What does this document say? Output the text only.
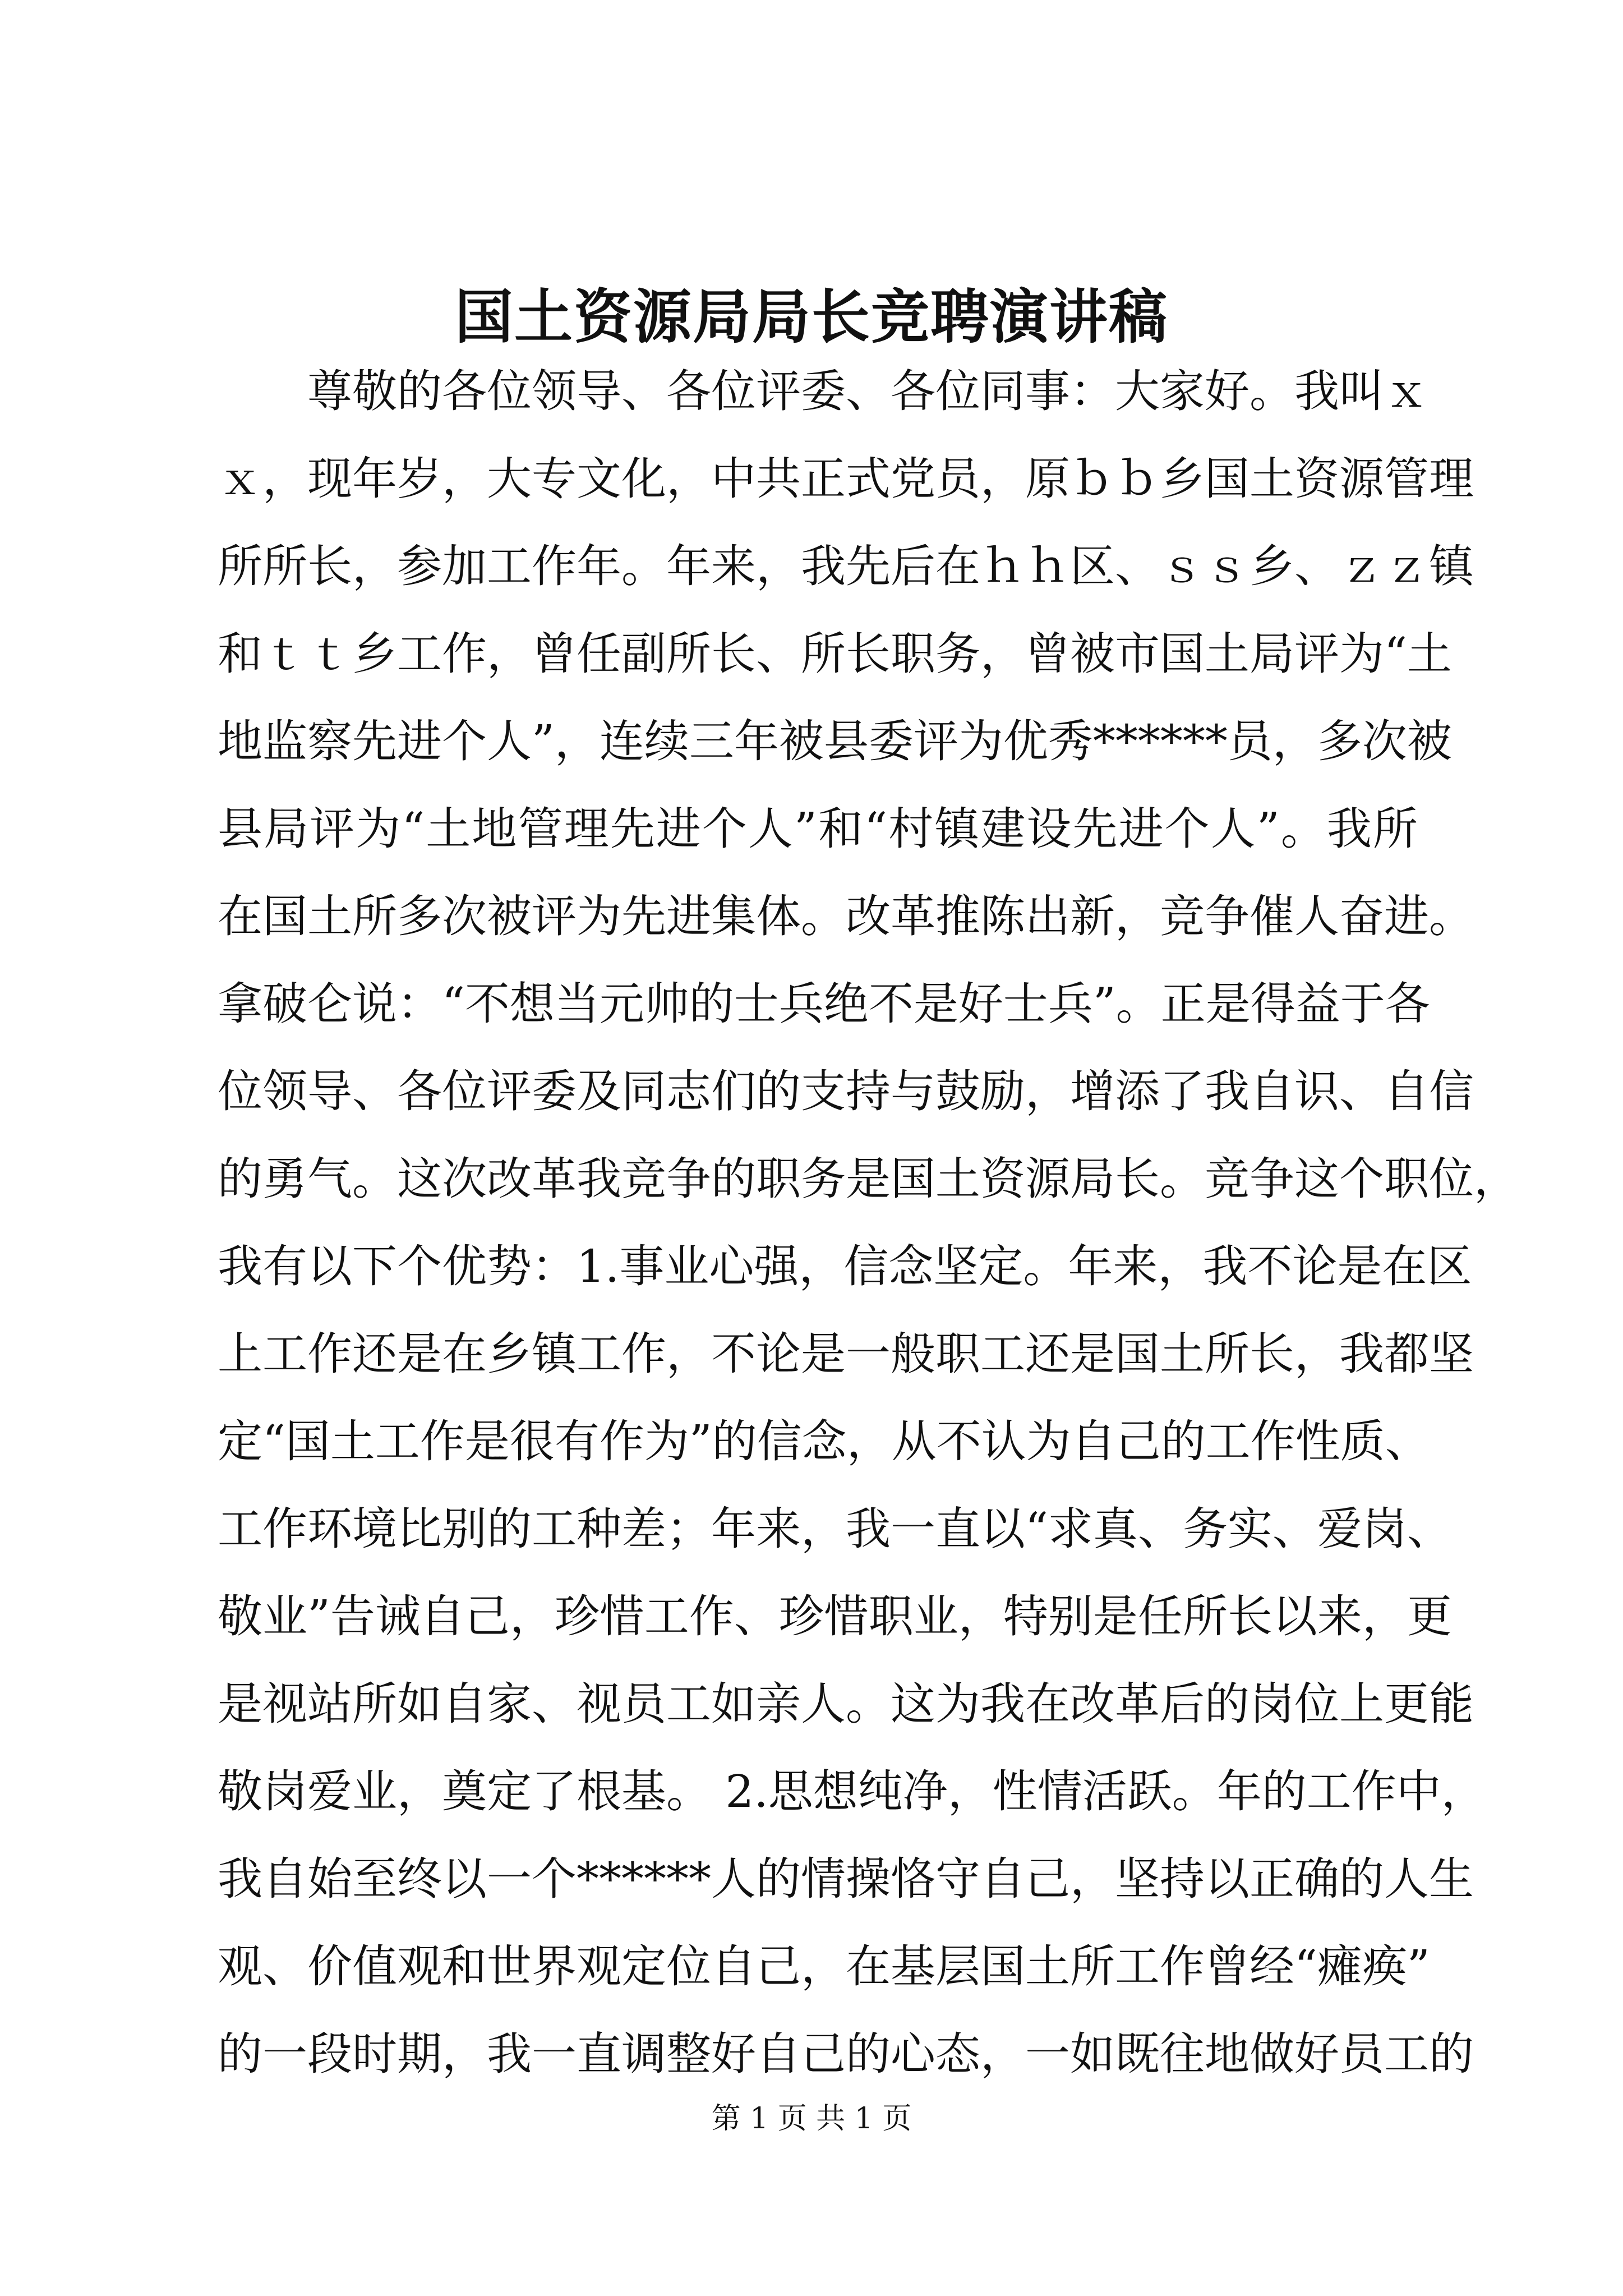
国土资源局局长竞聘演讲稿
尊敬的各位领导、各位评委、各位同事：大家好。我叫ｘ
ｘ，现年岁，大专文化，中共正式党员，原ｂｂ乡国土资源管理
所所长，参加工作年。年来，我先后在ｈｈ区、ｓｓ乡、ｚｚ镇
和ｔｔ乡工作，曾任副所长、所长职务，曾被市国土局评为“土
地监察先进个人”，连续三年被县委评为优秀******员，多次被
县局评为“土地管理先进个人”和“村镇建设先进个人”。我所
在国土所多次被评为先进集体。改革推陈出新，竞争催人奋进。
拿破仑说：“不想当元帅的士兵绝不是好士兵”。正是得益于各
位领导、各位评委及同志们的支持与鼓励，增添了我自识、自信
的勇气。这次改革我竞争的职务是国土资源局长。竞争这个职位，
我有以下个优势：1.事业心强，信念坚定。年来，我不论是在区
上工作还是在乡镇工作，不论是一般职工还是国土所长，我都坚
定“国土工作是很有作为”的信念，从不认为自己的工作性质、
工作环境比别的工种差；年来，我一直以“求真、务实、爱岗、
敬业”告诫自己，珍惜工作、珍惜职业，特别是任所长以来，更
是视站所如自家、视员工如亲人。这为我在改革后的岗位上更能
敬岗爱业，奠定了根基。 2.思想纯净，性情活跃。年的工作中，
我自始至终以一个******人的情操恪守自己，坚持以正确的人生
观、价值观和世界观定位自己，在基层国土所工作曾经“瘫痪”
的一段时期，我一直调整好自己的心态，一如既往地做好员工的
第 1 页 共 1 页
